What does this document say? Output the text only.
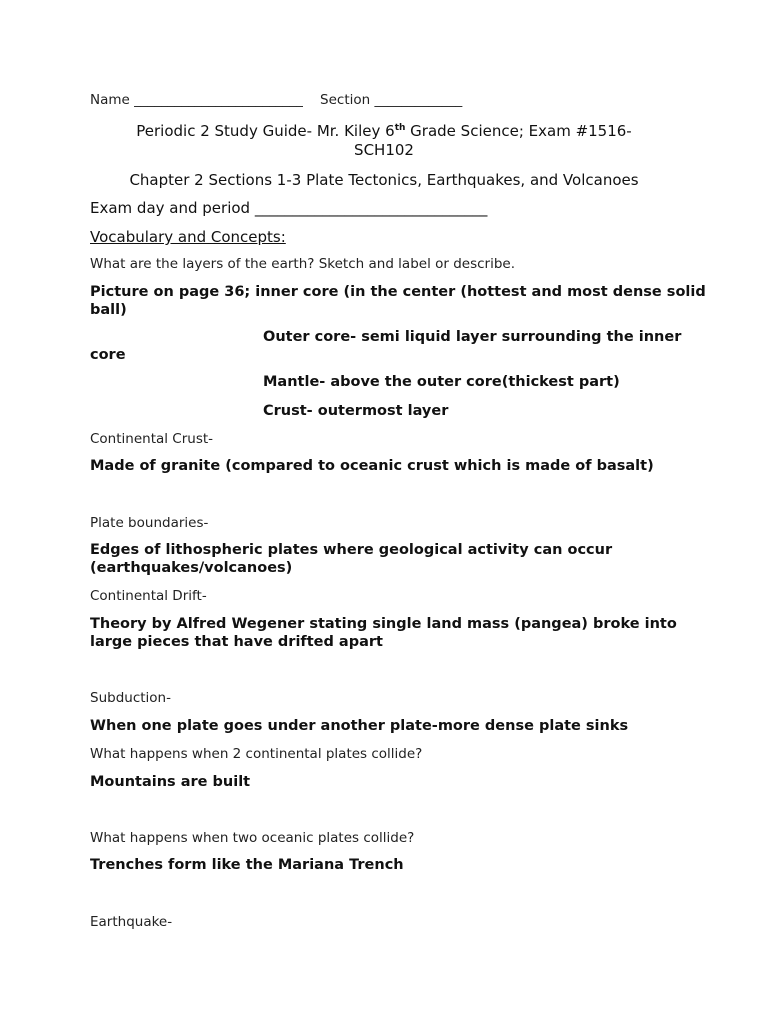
Name _________________________ Section _____________
Periodic 2 Study Guide- Mr. Kiley 6th Grade Science; Exam #1516-
SCH102
Chapter 2 Sections 1-3 Plate Tectonics, Earthquakes, and Volcanoes
Exam day and period _______________________________
Vocabulary and Concepts:
What are the layers of the earth? Sketch and label or describe.
Picture on page 36; inner core (in the center (hottest and most dense solid
ball)
Outer core- semi liquid layer surrounding the inner
core
Mantle- above the outer core(thickest part)
Crust- outermost layer
Continental Crust-
Made of granite (compared to oceanic crust which is made of basalt)
Plate boundaries-
Edges of lithospheric plates where geological activity can occur
(earthquakes/volcanoes)
Continental Drift-
Theory by Alfred Wegener stating single land mass (pangea) broke into
large pieces that have drifted apart
Subduction-
When one plate goes under another plate-more dense plate sinks
What happens when 2 continental plates collide?
Mountains are built
What happens when two oceanic plates collide?
Trenches form like the Mariana Trench
Earthquake-
